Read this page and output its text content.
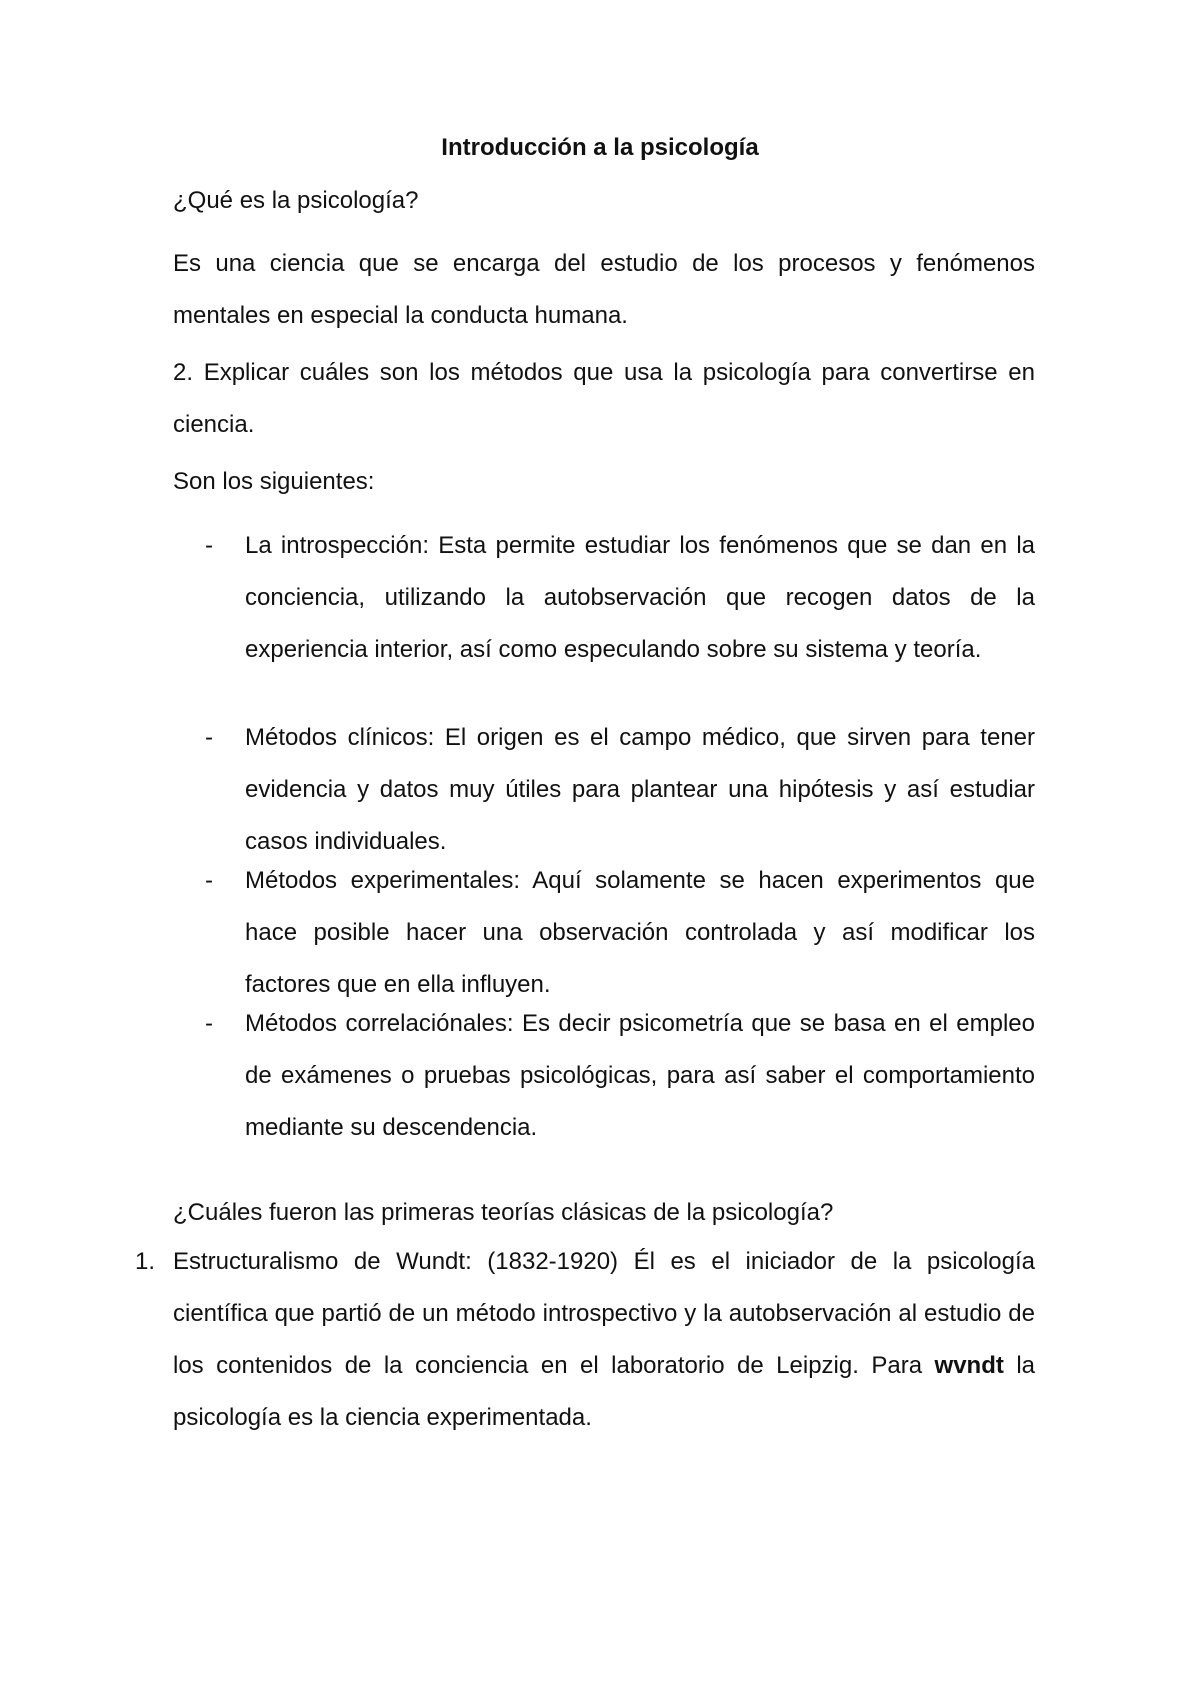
Introducción a la psicología
¿Qué es la psicología?
Es una ciencia que se encarga del estudio de los procesos y fenómenos mentales en especial la conducta humana.
2. Explicar cuáles son los métodos que usa la psicología para convertirse en ciencia.
Son los siguientes:
- La introspección: Esta permite estudiar los fenómenos que se dan en la conciencia, utilizando la autobservación que recogen datos de la experiencia interior, así como especulando sobre su sistema y teoría.
- Métodos clínicos: El origen es el campo médico, que sirven para tener evidencia y datos muy útiles para plantear una hipótesis y así estudiar casos individuales.
- Métodos experimentales: Aquí solamente se hacen experimentos que hace posible hacer una observación controlada y así modificar los factores que en ella influyen.
- Métodos correlaciónales: Es decir psicometría que se basa en el empleo de exámenes o pruebas psicológicas, para así saber el comportamiento mediante su descendencia.
¿Cuáles fueron las primeras teorías clásicas de la psicología?
1. Estructuralismo de Wundt: (1832-1920) Él es el iniciador de la psicología científica que partió de un método introspectivo y la autobservación al estudio de los contenidos de la conciencia en el laboratorio de Leipzig. Para wvndt la psicología es la ciencia experimentada.
